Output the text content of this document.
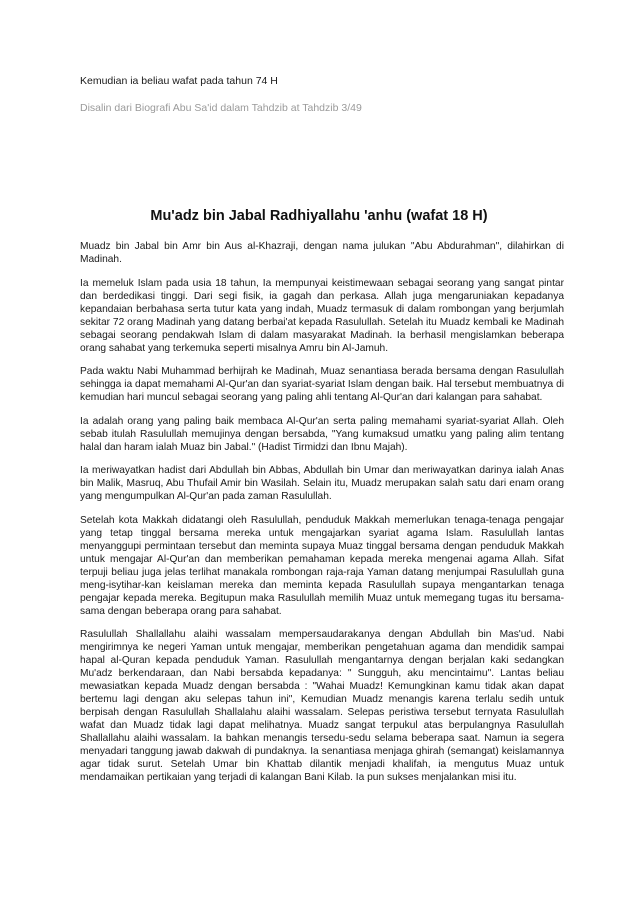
Kemudian ia beliau wafat pada tahun 74 H

Disalin dari Biografi Abu Sa'id dalam Tahdzib at Tahdzib 3/49

Mu'adz bin Jabal Radhiyallahu 'anhu (wafat 18 H)

Muadz bin Jabal bin Amr bin Aus al-Khazraji, dengan nama julukan "Abu Abdurahman", dilahirkan di Madinah.

Ia memeluk Islam pada usia 18 tahun, Ia mempunyai keistimewaan sebagai seorang yang sangat pintar dan berdedikasi tinggi. Dari segi fisik, ia gagah dan perkasa. Allah juga mengaruniakan kepadanya kepandaian berbahasa serta tutur kata yang indah, Muadz termasuk di dalam rombongan yang berjumlah sekitar 72 orang Madinah yang datang berbai'at kepada Rasulullah. Setelah itu Muadz kembali ke Madinah sebagai seorang pendakwah Islam di dalam masyarakat Madinah. Ia berhasil mengislamkan beberapa orang sahabat yang terkemuka seperti misalnya Amru bin Al-Jamuh.

Pada waktu Nabi Muhammad berhijrah ke Madinah, Muaz senantiasa berada bersama dengan Rasulullah sehingga ia dapat memahami Al-Qur'an dan syariat-syariat Islam dengan baik. Hal tersebut membuatnya di kemudian hari muncul sebagai seorang yang paling ahli tentang Al-Qur'an dari kalangan para sahabat.

Ia adalah orang yang paling baik membaca Al-Qur'an serta paling memahami syariat-syariat Allah. Oleh sebab itulah Rasulullah memujinya dengan bersabda, "Yang kumaksud umatku yang paling alim tentang halal dan haram ialah Muaz bin Jabal." (Hadist Tirmidzi dan Ibnu Majah).

Ia meriwayatkan hadist dari Abdullah bin Abbas, Abdullah bin Umar dan meriwayatkan darinya ialah Anas bin Malik, Masruq, Abu Thufail Amir bin Wasilah. Selain itu, Muadz merupakan salah satu dari enam orang yang mengumpulkan Al-Qur'an pada zaman Rasulullah.

Setelah kota Makkah didatangi oleh Rasulullah, penduduk Makkah memerlukan tenaga-tenaga pengajar yang tetap tinggal bersama mereka untuk mengajarkan syariat agama Islam. Rasulullah lantas menyanggupi permintaan tersebut dan meminta supaya Muaz tinggal bersama dengan penduduk Makkah untuk mengajar Al-Qur'an dan memberikan pemahaman kepada mereka mengenai agama Allah. Sifat terpuji beliau juga jelas terlihat manakala rombongan raja-raja Yaman datang menjumpai Rasulullah guna meng-isytihar-kan keislaman mereka dan meminta kepada Rasulullah supaya mengantarkan tenaga pengajar kepada mereka. Begitupun maka Rasulullah memilih Muaz untuk memegang tugas itu bersama-sama dengan beberapa orang para sahabat.

Rasulullah Shallallahu alaihi wassalam mempersaudarakanya dengan Abdullah bin Mas'ud. Nabi mengirimnya ke negeri Yaman untuk mengajar, memberikan pengetahuan agama dan mendidik sampai hapal al-Quran kepada penduduk Yaman. Rasulullah mengantarnya dengan berjalan kaki sedangkan Mu'adz berkendaraan, dan Nabi bersabda kepadanya: " Sungguh, aku mencintaimu". Lantas beliau mewasiatkan kepada Muadz dengan bersabda : "Wahai Muadz! Kemungkinan kamu tidak akan dapat bertemu lagi dengan aku selepas tahun ini", Kemudian Muadz menangis karena terlalu sedih untuk berpisah dengan Rasulullah Shallalahu alaihi wassalam. Selepas peristiwa tersebut ternyata Rasulullah wafat dan Muadz tidak lagi dapat melihatnya. Muadz sangat terpukul atas berpulangnya Rasulullah Shallallahu alaihi wassalam. Ia bahkan menangis tersedu-sedu selama beberapa saat. Namun ia segera menyadari tanggung jawab dakwah di pundaknya. Ia senantiasa menjaga ghirah (semangat) keislamannya agar tidak surut. Setelah Umar bin Khattab dilantik menjadi khalifah, ia mengutus Muaz untuk mendamaikan pertikaian yang terjadi di kalangan Bani Kilab. Ia pun sukses menjalankan misi itu.
